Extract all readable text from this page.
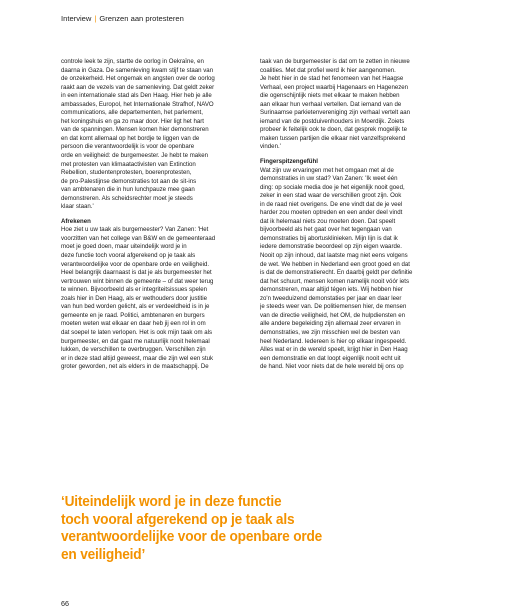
Interview | Grenzen aan protesteren

controle leek te zijn, startte de oorlog in Oekraïne, en
daarna in Gaza. De samenleving kwam stijf te staan van
de onzekerheid. Het ongemak en angsten over de oorlog
raakt aan de vezels van de samenleving. Dat geldt zeker
in een internationale stad als Den Haag. Hier heb je alle
ambassades, Europol, het Internationale Strafhof, NAVO
communications, alle departementen, het parlement,
het koningshuis en ga zo maar door. Hier ligt het hart
van de spanningen. Mensen komen hier demonstreren
en dat komt allemaal op het bordje te liggen van de
persoon die verantwoordelijk is voor de openbare
orde en veiligheid: de burgemeester. Je hebt te maken
met protesten van klimaatactivisten van Extinction
Rebellion, studentenprotesten, boerenprotesten,
de pro-Palestijnse demonstraties tot aan de sit-ins
van ambtenaren die in hun lunchpauze mee gaan
demonstreren. Als scheidsrechter moet je steeds
klaar staan.'

Afrekenen

Hoe ziet u uw taak als burgemeester? Van Zanen: 'Het
voorzitten van het college van B&W en de gemeenteraad
moet je goed doen, maar uiteindelijk word je in
deze functie toch vooral afgerekend op je taak als
verantwoordelijke voor de openbare orde en veiligheid.
Heel belangrijk daarnaast is dat je als burgemeester het
vertrouwen wint binnen de gemeente – of dat weer terug
te winnen. Bijvoorbeeld als er integriteitsissues spelen
zoals hier in Den Haag, als er wethouders door justitie
van hun bed worden gelicht, als er verdeeldheid is in je
gemeente en je raad. Politici, ambtenaren en burgers
moeten weten wat elkaar en daar heb jij een rol in om
dat soepel te laten verlopen. Het is ook mijn taak om als
burgemeester, en dat gaat me natuurlijk nooit helemaal
lukken, de verschillen te overbruggen. Verschillen zijn
er in deze stad altijd geweest, maar die zijn wel een stuk
groter geworden, net als elders in de maatschappij. De

taak van de burgemeester is dat om te zetten in nieuwe
coalities. Met dat profiel werd ik hier aangenomen.
Je hebt hier in de stad het fenomeen van het Haagse
Verhaal, een project waarbij Hagenaars en Hagenezen
die ogenschijnlijk niets met elkaar te maken hebben
aan elkaar hun verhaal vertellen. Dat iemand van de
Surinaamse parkietenvereniging zijn verhaal vertelt aan
iemand van de postduivenhouders in Moerdijk. Zoiets
probeer ik feitelijk ook te doen, dat gesprek mogelijk te
maken tussen partijen die elkaar niet vanzelfsprekend
vinden.'

Fingerspitzengefühl

Wat zijn uw ervaringen met het omgaan met al de
demonstraties in uw stad? Van Zanen: 'Ik weet één
ding: op sociale media doe je het eigenlijk nooit goed,
zeker in een stad waar de verschillen groot zijn. Ook
in de raad niet overigens. De ene vindt dat de je veel
harder zou moeten optreden en een ander deel vindt
dat ik helemaal niets zou moeten doen. Dat speelt
bijvoorbeeld als het gaat over het tegengaan van
demonstraties bij abortusklinieken. Mijn lijn is dat ik
iedere demonstratie beoordeel op zijn eigen waarde.
Nooit op zijn inhoud, dat laatste mag niet eens volgens
de wet. We hebben in Nederland een groot goed en dat
is dat de demonstratierecht. En daarbij geldt per definitie
dat het schuurt, mensen komen namelijk nooit vóór iets
demonstreren, maar altijd tégen iets. Wij hebben hier
zo'n tweeduizend demonstaties per jaar en daar leer
je steeds weer van. De politiemensen hier, de mensen
van de directie veiligheid, het OM, de hulpdiensten en
alle andere begeleiding zijn allemaal zeer ervaren in
demonstraties, we zijn misschien wel de besten van
heel Nederland. Iedereen is hier op elkaar ingespeeld.
Alles wat er in de wereld speelt, krijgt hier in Den Haag
een demonstratie en dat loopt eigenlijk nooit echt uit
de hand. Niet voor niets dat de hele wereld bij ons op

‘Uiteindelijk word je in deze functie
toch vooral afgerekend op je taak als
verantwoordelijke voor de openbare orde
en veiligheid’
66
